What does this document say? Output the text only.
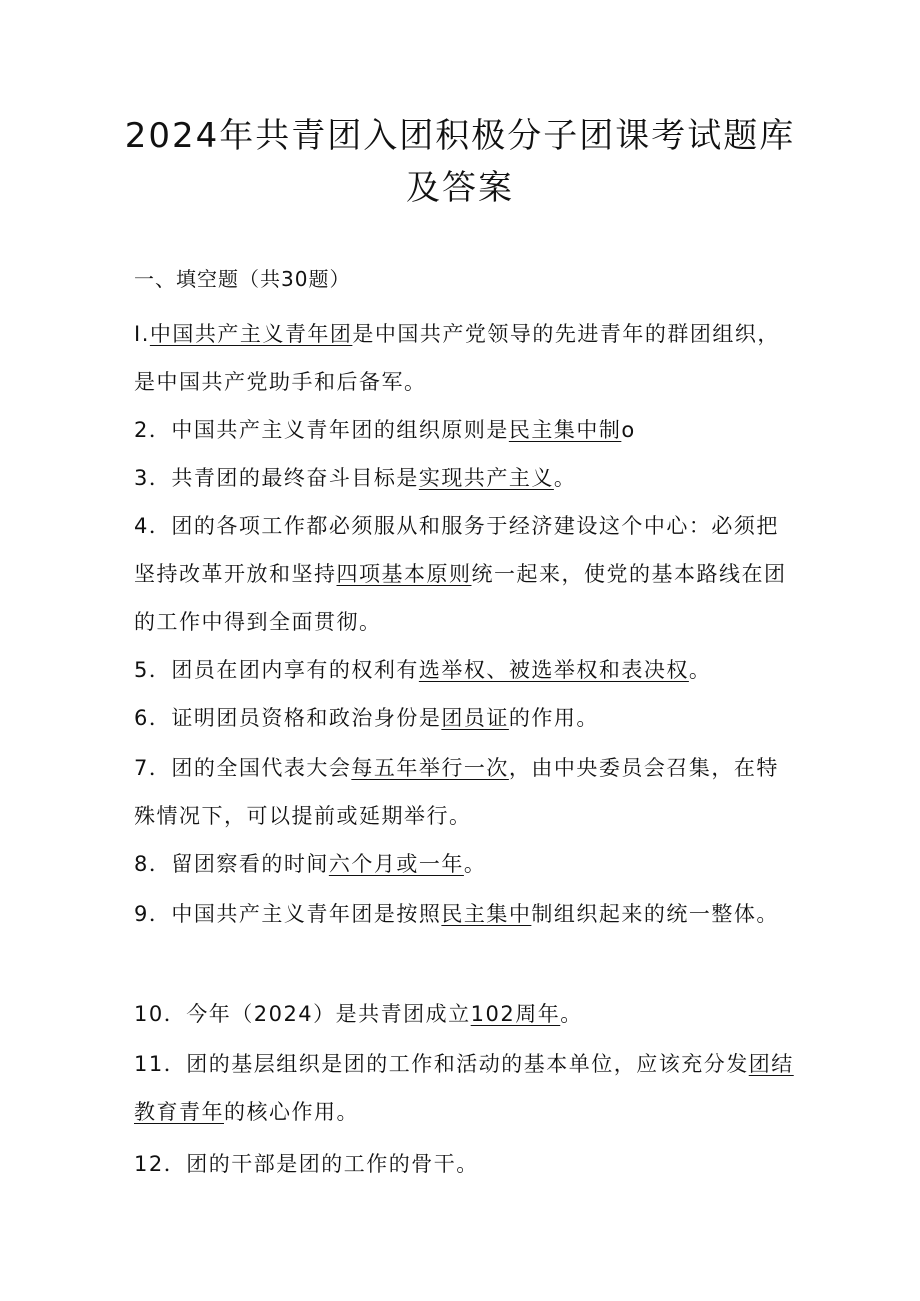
2024年共青团入团积极分子团课考试题库
及答案
一、填空题（共30题）
I.中国共产主义青年团是中国共产党领导的先进青年的群团组织，是中国共产党助手和后备军。
2．中国共产主义青年团的组织原则是民主集中制o
3．共青团的最终奋斗目标是实现共产主义。
4．团的各项工作都必须服从和服务于经济建设这个中心：必须把坚持改革开放和坚持四项基本原则统一起来，使党的基本路线在团的工作中得到全面贯彻。
5．团员在团内享有的权利有选举权、被选举权和表决权。
6．证明团员资格和政治身份是团员证的作用。
7．团的全国代表大会每五年举行一次，由中央委员会召集，在特殊情况下，可以提前或延期举行。
8．留团察看的时间六个月或一年。
9．中国共产主义青年团是按照民主集中制组织起来的统一整体。
10．今年（2024）是共青团成立102周年。
11．团的基层组织是团的工作和活动的基本单位，应该充分发团结教育青年的核心作用。
12．团的干部是团的工作的骨干。
